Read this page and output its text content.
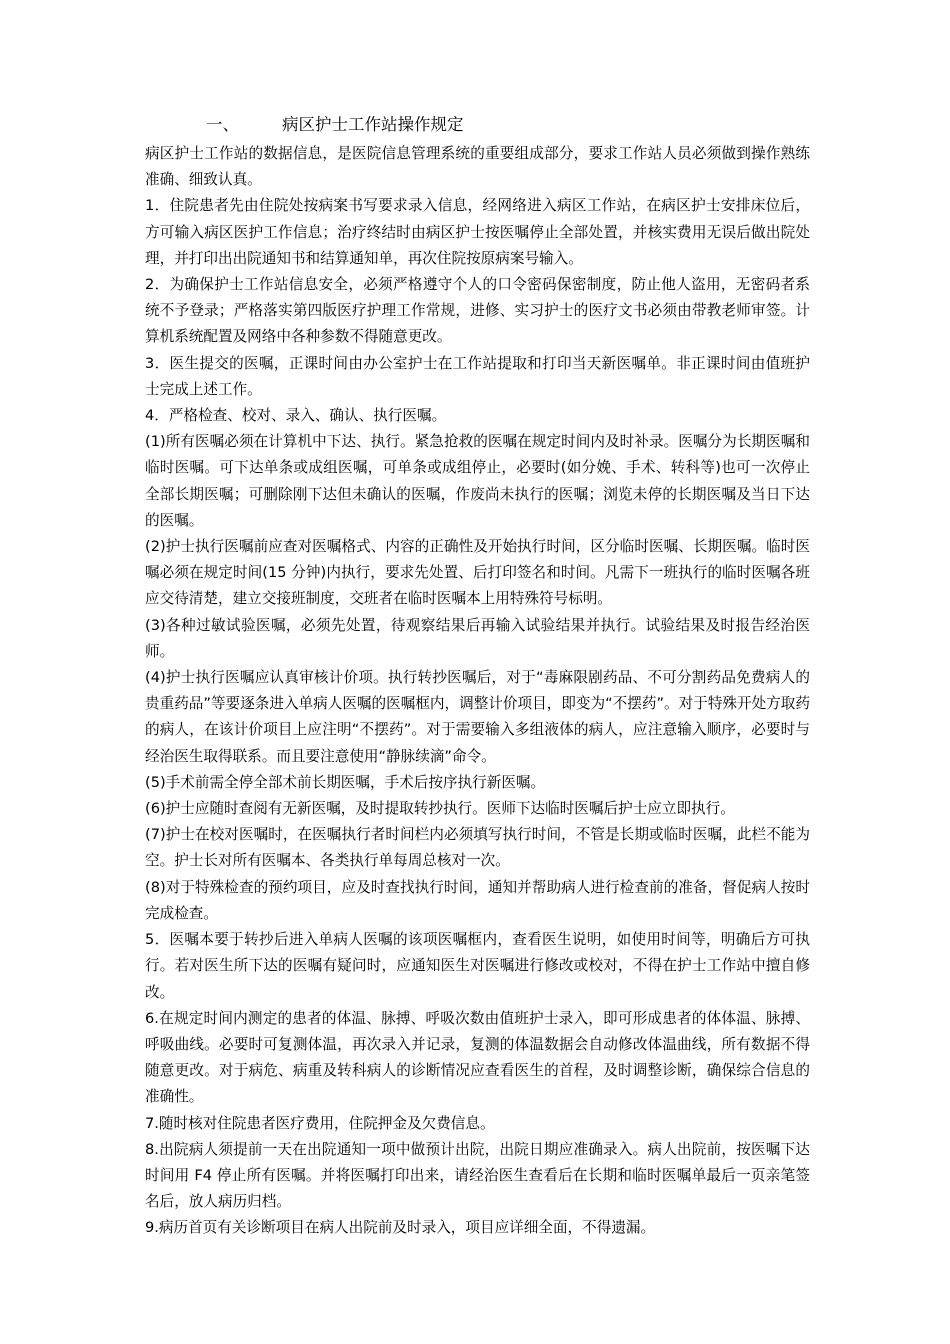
一、	病区护士工作站操作规定

病区护士工作站的数据信息，是医院信息管理系统的重要组成部分，要求工作站人员必须做到操作熟练准确、细致认真。

1．住院患者先由住院处按病案书写要求录入信息，经网络进入病区工作站，在病区护士安排床位后，方可输入病区医护工作信息；治疗终结时由病区护士按医嘱停止全部处置，并核实费用无误后做出院处理，并打印出出院通知书和结算通知单，再次住院按原病案号输入。

2．为确保护士工作站信息安全，必须严格遵守个人的口令密码保密制度，防止他人盗用，无密码者系统不予登录；严格落实第四版医疗护理工作常规，进修、实习护士的医疗文书必须由带教老师审签。计算机系统配置及网络中各种参数不得随意更改。

3．医生提交的医嘱，正课时间由办公室护士在工作站提取和打印当天新医嘱单。非正课时间由值班护士完成上述工作。

4．严格检查、校对、录入、确认、执行医嘱。

(1)所有医嘱必须在计算机中下达、执行。紧急抢救的医嘱在规定时间内及时补录。医嘱分为长期医嘱和临时医嘱。可下达单条或成组医嘱，可单条或成组停止，必要时(如分娩、手术、转科等)也可一次停止全部长期医嘱；可删除刚下达但未确认的医嘱，作废尚未执行的医嘱；浏览未停的长期医嘱及当日下达的医嘱。

(2)护士执行医嘱前应查对医嘱格式、内容的正确性及开始执行时间，区分临时医嘱、长期医嘱。临时医嘱必须在规定时间(15 分钟)内执行，要求先处置、后打印签名和时间。凡需下一班执行的临时医嘱各班应交待清楚，建立交接班制度，交班者在临时医嘱本上用特殊符号标明。

(3)各种过敏试验医嘱，必须先处置，待观察结果后再输入试验结果并执行。试验结果及时报告经治医师。

(4)护士执行医嘱应认真审核计价项。执行转抄医嘱后，对于“毒麻限剧药品、不可分割药品免费病人的贵重药品”等要逐条进入单病人医嘱的医嘱框内，调整计价项目，即变为“不摆药”。对于特殊开处方取药的病人，在该计价项目上应注明“不摆药”。对于需要输入多组液体的病人，应注意输入顺序，必要时与经治医生取得联系。而且要注意使用“静脉续滴”命令。

(5)手术前需全停全部术前长期医嘱，手术后按序执行新医嘱。

(6)护士应随时查阅有无新医嘱，及时提取转抄执行。医师下达临时医嘱后护士应立即执行。

(7)护士在校对医嘱时，在医嘱执行者时间栏内必须填写执行时间，不管是长期或临时医嘱，此栏不能为空。护士长对所有医嘱本、各类执行单每周总核对一次。

(8)对于特殊检查的预约项目，应及时查找执行时间，通知并帮助病人进行检查前的准备，督促病人按时完成检查。

5．医嘱本要于转抄后进入单病人医嘱的该项医嘱框内，查看医生说明，如使用时间等，明确后方可执行。若对医生所下达的医嘱有疑问时，应通知医生对医嘱进行修改或校对，不得在护士工作站中擅自修改。

6.在规定时间内测定的患者的体温、脉搏、呼吸次数由值班护士录入，即可形成患者的体体温、脉搏、呼吸曲线。必要时可复测体温，再次录入并记录，复测的体温数据会自动修改体温曲线，所有数据不得随意更改。对于病危、病重及转科病人的诊断情况应查看医生的首程，及时调整诊断，确保综合信息的准确性。

7.随时核对住院患者医疗费用，住院押金及欠费信息。

8.出院病人须提前一天在出院通知一项中做预计出院，出院日期应准确录入。病人出院前，按医嘱下达时间用 F4 停止所有医嘱。并将医嘱打印出来，请经治医生查看后在长期和临时医嘱单最后一页亲笔签名后，放人病历归档。

9.病历首页有关诊断项目在病人出院前及时录入，项目应详细全面，不得遗漏。
